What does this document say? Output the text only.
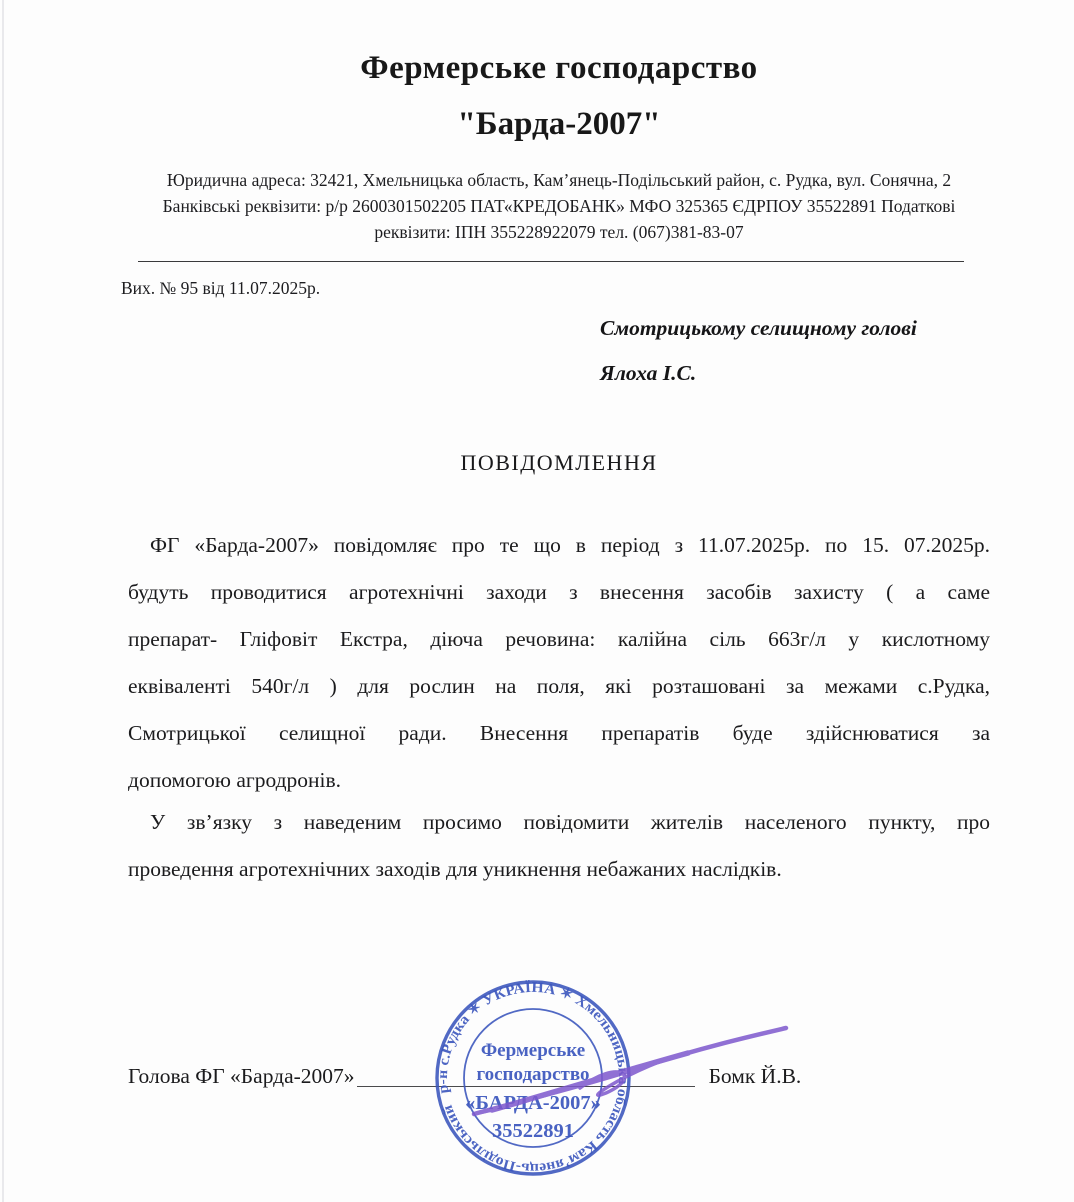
Фермерське господарство
"Барда-2007"
Юридична адреса: 32421, Хмельницька область, Кам’янець-Подільський район, с. Рудка, вул. Сонячна, 2
Банківські реквізити: р/р 2600301502205 ПАТ«КРЕДОБАНК» МФО 325365 ЄДРПОУ 35522891 Податкові
реквізити: ІПН 355228922079 тел. (067)381-83-07
Вих. № 95 від 11.07.2025р.
Смотрицькому селищному голові
Ялоха І.С.
ПОВІДОМЛЕННЯ
ФГ «Барда-2007» повідомляє про те що в період з 11.07.2025р. по 15. 07.2025р.
будуть проводитися агротехнічні заходи з внесення засобів захисту ( а саме
препарат- Гліфовіт Екстра, діюча речовина: калійна сіль 663г/л у кислотному
еквіваленті 540г/л ) для рослин на поля, які розташовані за межами с.Рудка,
Смотрицької селищної ради. Внесення препаратів буде здійснюватися за
допомогою агродронів.
У зв’язку з наведеним просимо повідомити жителів населеного пункту, про
проведення агротехнічних заходів для уникнення небажаних наслідків.
Голова ФГ «Барда-2007»	Бомк Й.В.
р-н с.Рудка ✶ УКРАЇНА ✶ Хмельницька область Кам’янець-Подільський
Фермерське
господарство
«БАРДА-2007»
35522891
